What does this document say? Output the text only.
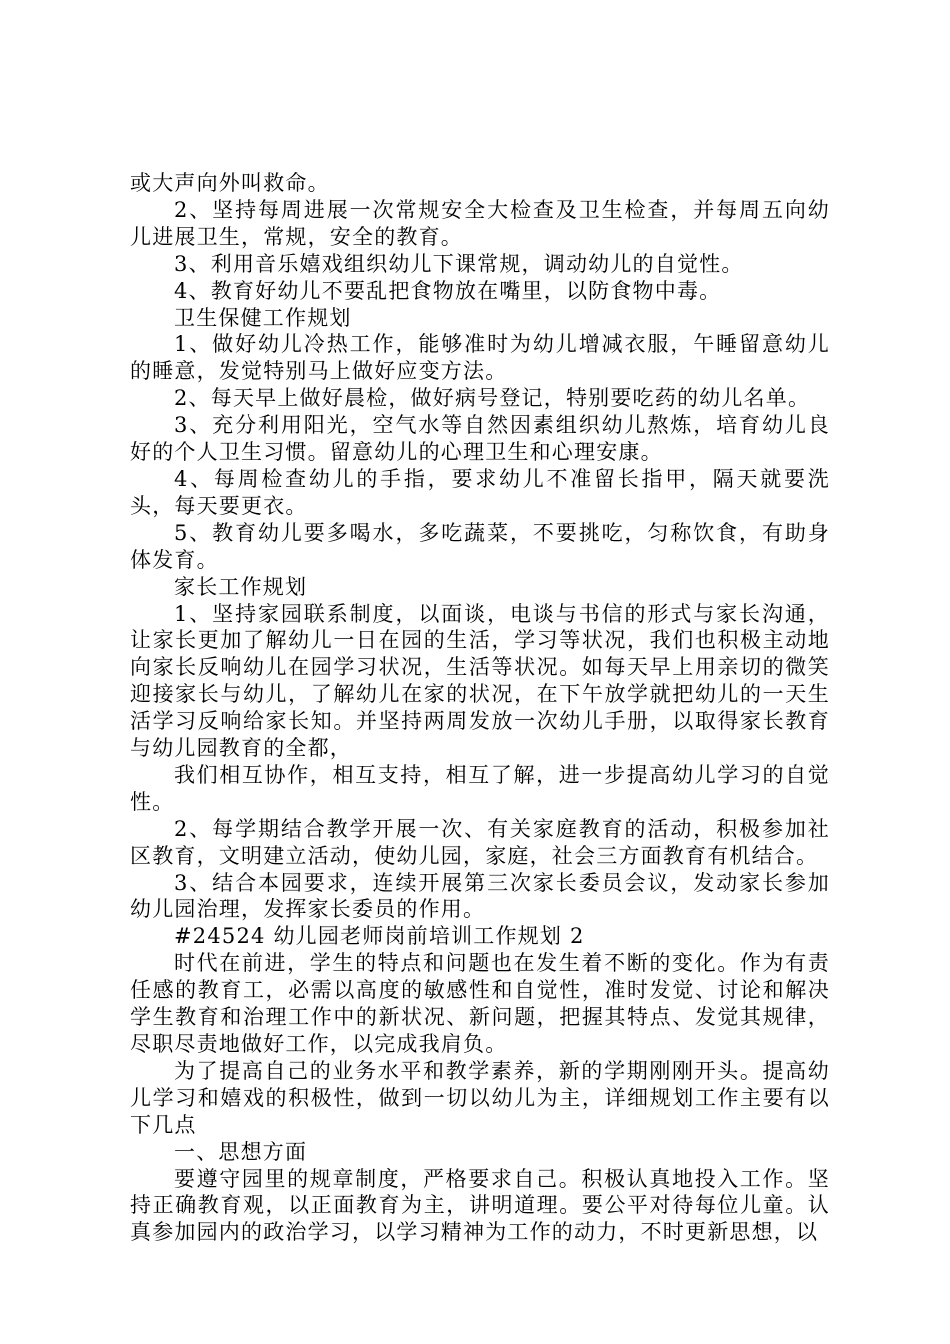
或大声向外叫救命。

2、坚持每周进展一次常规安全大检查及卫生检查，并每周五向幼儿进展卫生，常规，安全的教育。

3、利用音乐嬉戏组织幼儿下课常规，调动幼儿的自觉性。

4、教育好幼儿不要乱把食物放在嘴里，以防食物中毒。

卫生保健工作规划

1、做好幼儿冷热工作，能够准时为幼儿增减衣服，午睡留意幼儿的睡意，发觉特别马上做好应变方法。

2、每天早上做好晨检，做好病号登记，特别要吃药的幼儿名单。

3、充分利用阳光，空气水等自然因素组织幼儿熬炼，培育幼儿良好的个人卫生习惯。留意幼儿的心理卫生和心理安康。

4、每周检查幼儿的手指，要求幼儿不准留长指甲，隔天就要洗头，每天要更衣。

5、教育幼儿要多喝水，多吃蔬菜，不要挑吃，匀称饮食，有助身体发育。

家长工作规划

1、坚持家园联系制度，以面谈，电谈与书信的形式与家长沟通，让家长更加了解幼儿一日在园的生活，学习等状况，我们也积极主动地向家长反响幼儿在园学习状况，生活等状况。如每天早上用亲切的微笑迎接家长与幼儿，了解幼儿在家的状况，在下午放学就把幼儿的一天生活学习反响给家长知。并坚持两周发放一次幼儿手册，以取得家长教育与幼儿园教育的全都，

我们相互协作，相互支持，相互了解，进一步提高幼儿学习的自觉性。

2、每学期结合教学开展一次、有关家庭教育的活动，积极参加社区教育，文明建立活动，使幼儿园，家庭，社会三方面教育有机结合。

3、结合本园要求，连续开展第三次家长委员会议，发动家长参加幼儿园治理，发挥家长委员的作用。

#24524 幼儿园老师岗前培训工作规划 2

时代在前进，学生的特点和问题也在发生着不断的变化。作为有责任感的教育工，必需以高度的敏感性和自觉性，准时发觉、讨论和解决学生教育和治理工作中的新状况、新问题，把握其特点、发觉其规律，尽职尽责地做好工作，以完成我肩负。

为了提高自己的业务水平和教学素养，新的学期刚刚开头。提高幼儿学习和嬉戏的积极性，做到一切以幼儿为主，详细规划工作主要有以下几点

一、思想方面

要遵守园里的规章制度，严格要求自己。积极认真地投入工作。坚持正确教育观，以正面教育为主，讲明道理。要公平对待每位儿童。认真参加园内的政治学习，以学习精神为工作的动力，不时更新思想，以
